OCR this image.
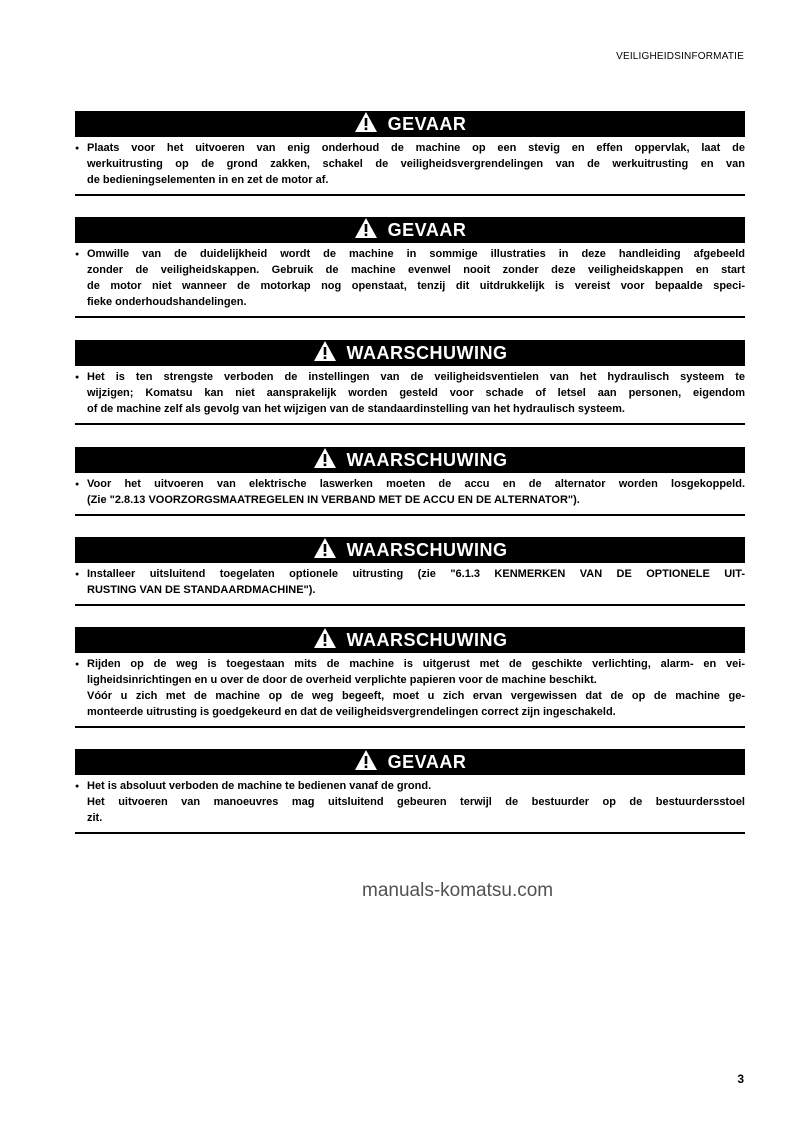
VEILIGHEIDSINFORMATIE
GEVAAR
● Plaats voor het uitvoeren van enig onderhoud de machine op een stevig en effen oppervlak, laat de
werkuitrusting op de grond zakken, schakel de veiligheidsvergrendelingen van de werkuitrusting en van
de bedieningselementen in en zet de motor af.
GEVAAR
● Omwille van de duidelijkheid wordt de machine in sommige illustraties in deze handleiding afgebeeld
zonder de veiligheidskappen. Gebruik de machine evenwel nooit zonder deze veiligheidskappen en start
de motor niet wanneer de motorkap nog openstaat, tenzij dit uitdrukkelijk is vereist voor bepaalde speci-
fieke onderhoudshandelingen.
WAARSCHUWING
● Het is ten strengste verboden de instellingen van de veiligheidsventielen van het hydraulisch systeem te
wijzigen; Komatsu kan niet aansprakelijk worden gesteld voor schade of letsel aan personen, eigendom
of de machine zelf als gevolg van het wijzigen van de standaardinstelling van het hydraulisch systeem.
WAARSCHUWING
● Voor het uitvoeren van elektrische laswerken moeten de accu en de alternator worden losgekoppeld.
(Zie "2.8.13 VOORZORGSMAATREGELEN IN VERBAND MET DE ACCU EN DE ALTERNATOR").
WAARSCHUWING
● Installeer uitsluitend toegelaten optionele uitrusting (zie "6.1.3 KENMERKEN VAN DE OPTIONELE UIT-
RUSTING VAN DE STANDAARDMACHINE").
WAARSCHUWING
● Rijden op de weg is toegestaan mits de machine is uitgerust met de geschikte verlichting, alarm- en vei-
ligheidsinrichtingen en u over de door de overheid verplichte papieren voor de machine beschikt.
Vóór u zich met de machine op de weg begeeft, moet u zich ervan vergewissen dat de op de machine ge-
monteerde uitrusting is goedgekeurd en dat de veiligheidsvergrendelingen correct zijn ingeschakeld.
GEVAAR
● Het is absoluut verboden de machine te bedienen vanaf de grond.
Het uitvoeren van manoeuvres mag uitsluitend gebeuren terwijl de bestuurder op de bestuurdersstoel
zit.
manuals-komatsu.com
3
